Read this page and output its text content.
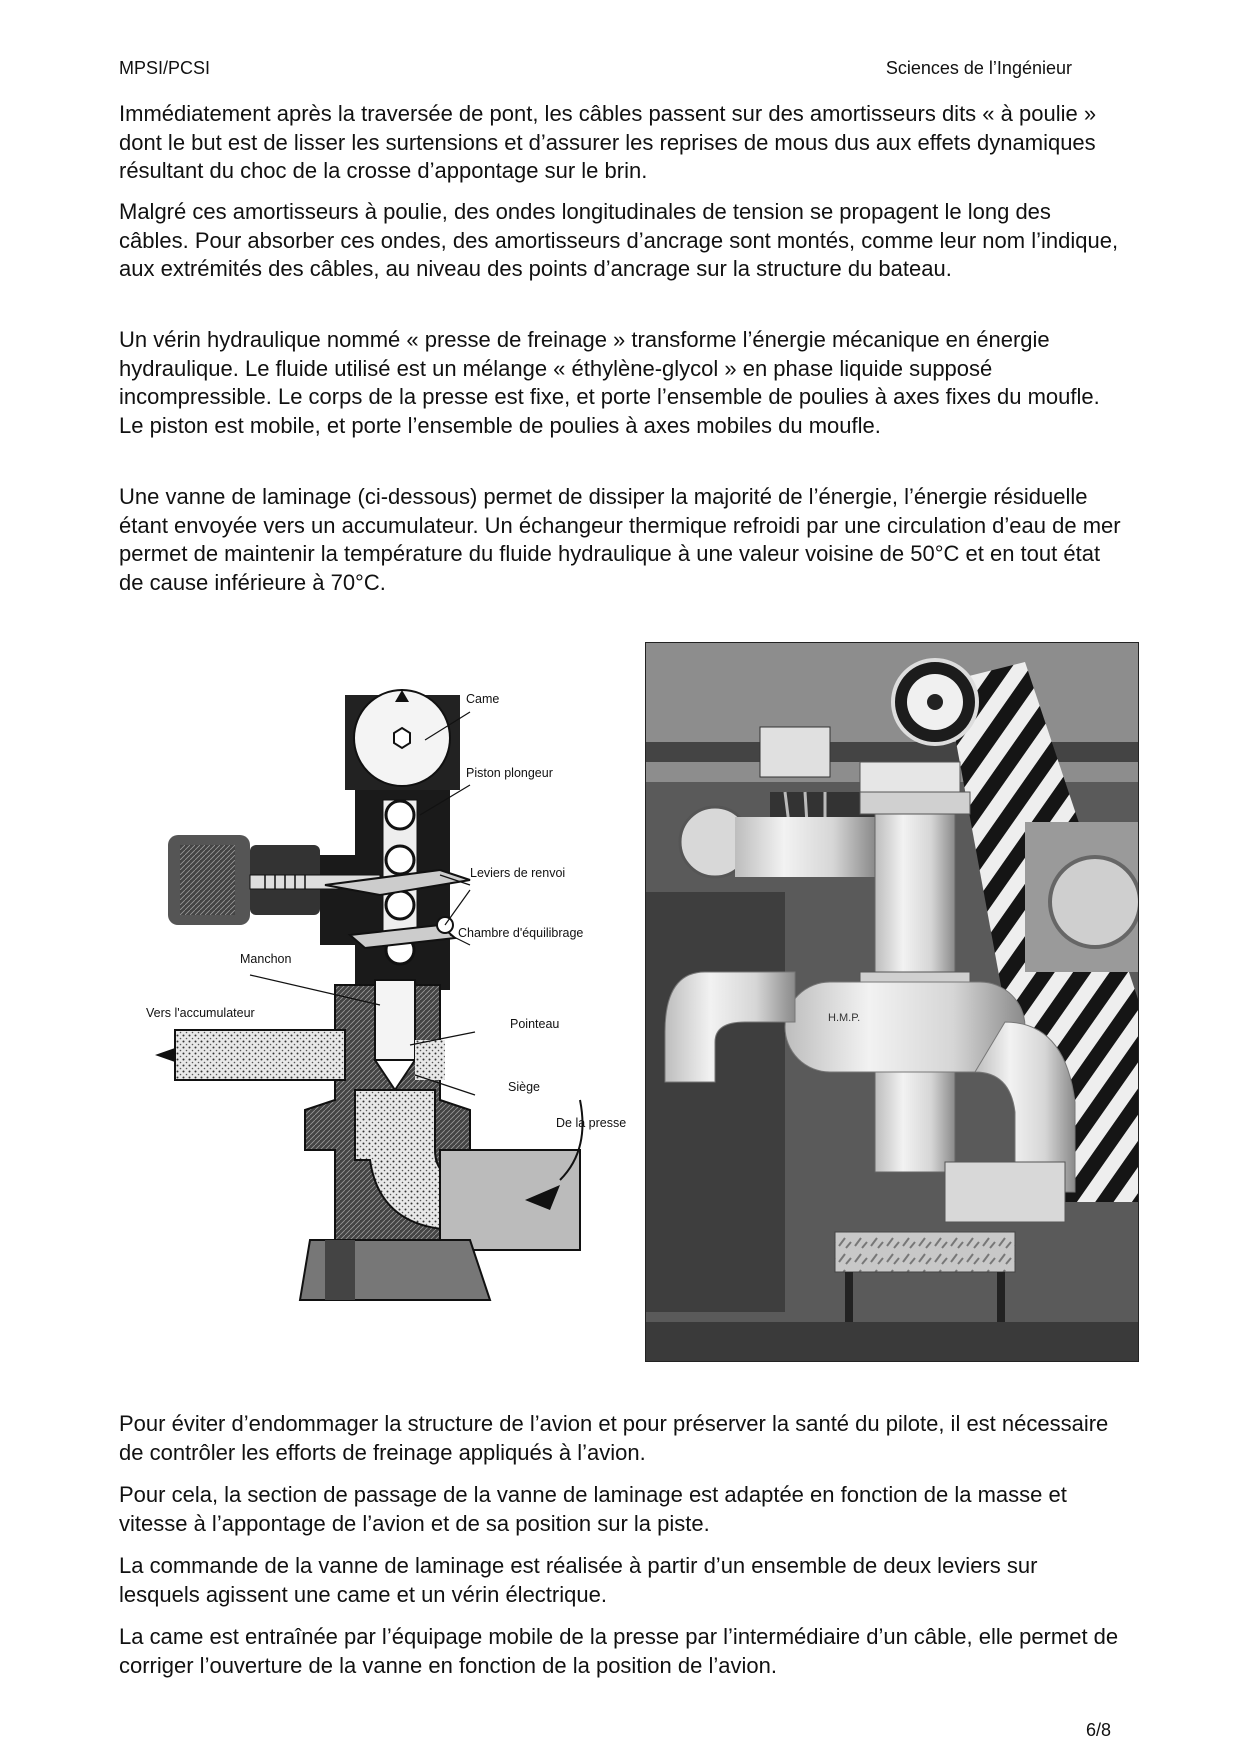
MPSI/PCSI	Sciences de l’Ingénieur

Immédiatement après la traversée de pont, les câbles passent sur des amortisseurs dits « à poulie » dont le but est de lisser les surtensions et d’assurer les reprises de mous dus aux effets dynamiques résultant du choc de la crosse d’appontage sur le brin.

Malgré ces amortisseurs à poulie, des ondes longitudinales de tension se propagent le long des câbles. Pour absorber ces ondes, des amortisseurs d’ancrage sont montés, comme leur nom l’indique, aux extrémités des câbles, au niveau des points d’ancrage sur la structure du bateau.

Un vérin hydraulique nommé « presse de freinage » transforme l’énergie mécanique en énergie hydraulique. Le fluide utilisé est un mélange « éthylène-glycol » en phase liquide supposé incompressible. Le corps de la presse est fixe, et porte l’ensemble de poulies à axes fixes du moufle. Le piston est mobile, et porte l’ensemble de poulies à axes mobiles du moufle.

Une vanne de laminage (ci-dessous) permet de dissiper la majorité de l’énergie, l’énergie résiduelle étant envoyée vers un accumulateur. Un échangeur thermique refroidi par une circulation d’eau de mer permet de maintenir la température du fluide hydraulique à une valeur voisine de 50°C et en tout état de cause inférieure à 70°C.

Came
Piston plongeur
Leviers de renvoi
Chambre d'équilibrage
Manchon
Vers l'accumulateur
Pointeau
Siège
De la presse
H.M.P.

Pour éviter d’endommager la structure de l’avion et pour préserver la santé du pilote, il est nécessaire de contrôler les efforts de freinage appliqués à l’avion.

Pour cela, la section de passage de la vanne de laminage est adaptée en fonction de la masse et vitesse à l’appontage de l’avion et de sa position sur la piste.

La commande de la vanne de laminage est réalisée à partir d’un ensemble de deux leviers sur lesquels agissent une came et un vérin électrique.

La came est entraînée par l’équipage mobile de la presse par l’intermédiaire d’un câble, elle permet de corriger l’ouverture de la vanne en fonction de la position de l’avion.

6/8
